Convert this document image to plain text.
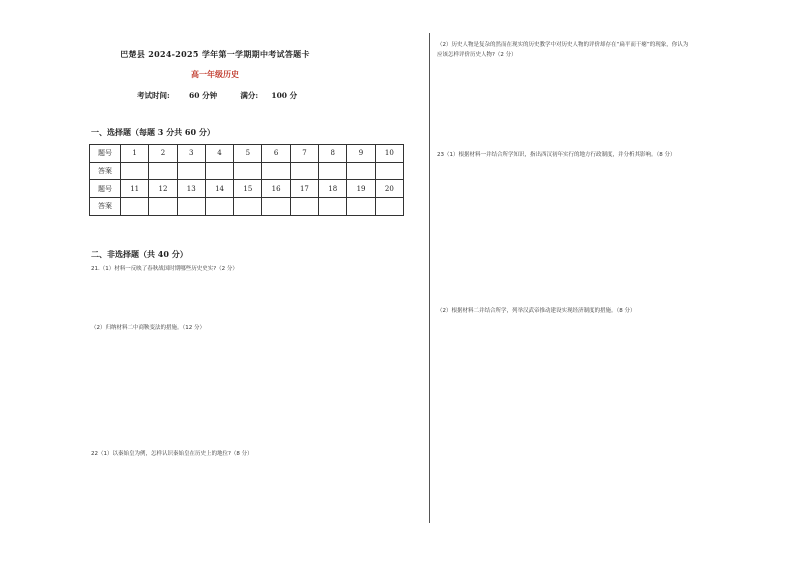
巴楚县 2024-2025 学年第一学期期中考试答题卡
高一年级历史
考试时间:	60 分钟	满分: 100 分
一、选择题（每题 3 分共 60 分）
题号	1	2	3	4	5	6	7	8	9	10
答案										
题号	11	12	13	14	15	16	17	18	19	20
答案										
二、非选择题（共 40 分）
21.（1）材料一反映了春秋战国时期哪些历史史实?（2 分）
（2）归纳材料二中商鞅变法的措施。（12 分）
22（1）以秦始皇为例，怎样认识秦始皇在历史上的地位?（8 分）
（2）历史人物是复杂的然而在现实的历史教学中对历史人物的评价却存在“扁平而干瘪”的现象，你认为
应该怎样评价历史人物?（2 分）
23（1）根据材料一并结合所学知识，指出西汉初年实行的地方行政制度，并分析其影响。（8 分）
（2）根据材料二并结合所学，列举汉武帝推动建设实现经济制度的措施。（8 分）
